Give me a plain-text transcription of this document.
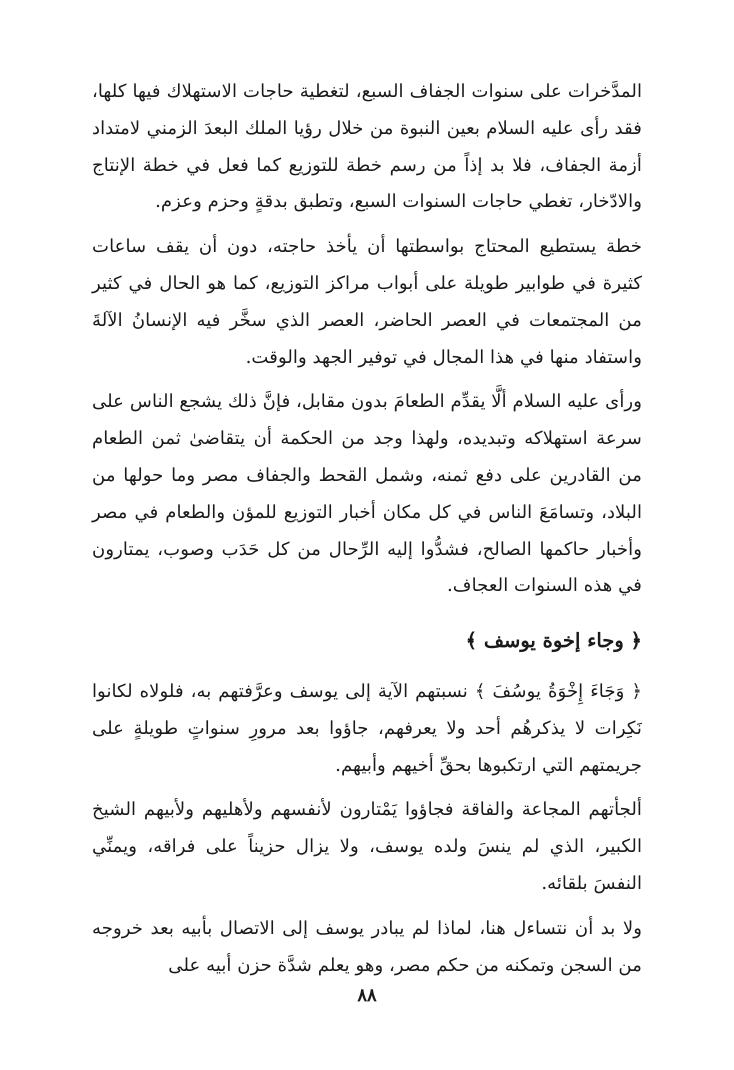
المدَّخرات على سنوات الجفاف السبع، لتغطية حاجات الاستهلاك فيها كلها، فقد رأى عليه السلام بعين النبوة من خلال رؤيا الملك البعدَ الزمني لامتداد أزمة الجفاف، فلا بد إذاً من رسم خطة للتوزيع كما فعل في خطة الإنتاج والادّخار، تغطي حاجات السنوات السبع، وتطبق بدقةٍ وحزم وعزم.

خطة يستطيع المحتاج بواسطتها أن يأخذ حاجته، دون أن يقف ساعات كثيرة في طوابير طويلة على أبواب مراكز التوزيع، كما هو الحال في كثير من المجتمعات في العصر الحاضر، العصر الذي سخَّر فيه الإنسانُ الآلةَ واستفاد منها في هذا المجال في توفير الجهد والوقت.

ورأى عليه السلام ألَّا يقدِّم الطعامَ بدون مقابل، فإنَّ ذلك يشجع الناس على سرعة استهلاكه وتبديده، ولهذا وجد من الحكمة أن يتقاضىٰ ثمن الطعام من القادرين على دفع ثمنه، وشمل القحط والجفاف مصر وما حولها من البلاد، وتسامَعَ الناس في كل مكان أخبار التوزيع للمؤن والطعام في مصر وأخبار حاكمها الصالح، فشدُّوا إليه الرِّحال من كل حَدَب وصوب، يمتارون في هذه السنوات العجاف.

﴿ وجاء إخوة يوسف ﴾

﴿ وَجَاءَ إِخْوَةُ يوسُفَ ﴾ نسبتهم الآية إلى يوسف وعرَّفتهم به، فلولاه لكانوا نَكِرات لا يذكرهُم أحد ولا يعرفهم، جاؤوا بعد مرورِ سنواتٍ طويلةٍ على جريمتهم التي ارتكبوها بحقِّ أخيهم وأبيهم.

ألجأتهم المجاعة والفاقة فجاؤوا يَمْتارون لأنفسهم ولأهليهم ولأبيهم الشيخ الكبير، الذي لم ينسَ ولده يوسف، ولا يزال حزيناً على فراقه، ويمنِّي النفسَ بلقائه.

ولا بد أن نتساءل هنا، لماذا لم يبادر يوسف إلى الاتصال بأبيه بعد خروجه من السجن وتمكنه من حكم مصر، وهو يعلم شدَّة حزن أبيه على

٨٨
